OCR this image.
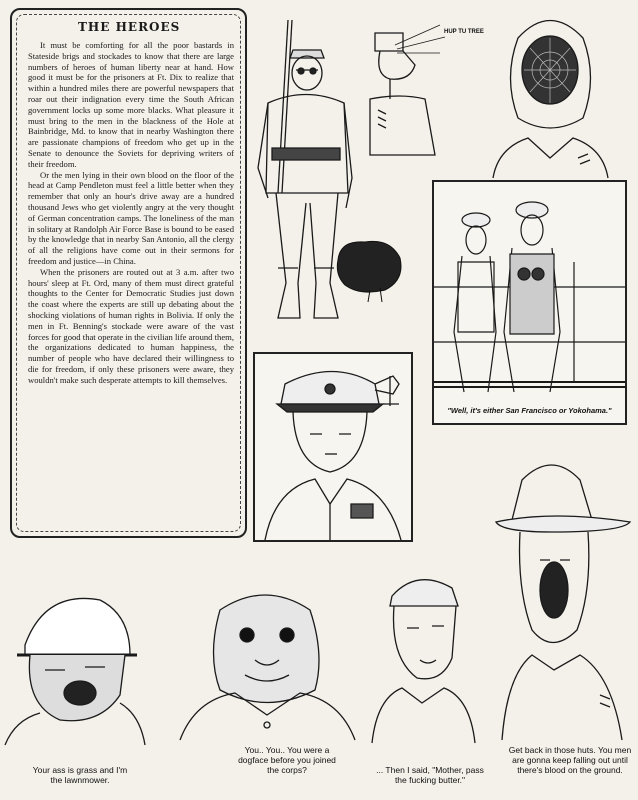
THE HEROES

It must be comforting for all the poor bastards in Stateside brigs and stockades to know that there are large numbers of heroes of human liberty near at hand. How good it must be for the prisoners at Ft. Dix to realize that within a hundred miles there are powerful newspapers that roar out their indignation every time the South African government locks up some more blacks. What pleasure it must bring to the men in the blackness of the Hole at Bainbridge, Md. to know that in nearby Washington there are passionate champions of freedom who get up in the Senate to denounce the Soviets for depriving writers of their freedom.

Or the men lying in their own blood on the floor of the head at Camp Pendleton must feel a little better when they remember that only an hour's drive away are a hundred thousand Jews who get violently angry at the very thought of German concentration camps. The loneliness of the man in solitary at Randolph Air Force Base is bound to be eased by the knowledge that in nearby San Antonio, all the clergy of all the religions have come out in their sermons for freedom and justice—in China.

When the prisoners are routed out at 3 a.m. after two hours' sleep at Ft. Ord, many of them must direct grateful thoughts to the Center for Democratic Studies just down the coast where the experts are still up debating about the shocking violations of human rights in Bolivia. If only the men in Ft. Benning's stockade were aware of the vast forces for good that operate in the civilian life around them, the organizations dedicated to human happiness, the number of people who have declared their willingness to die for freedom, if only these prisoners were aware, they wouldn't make such desperate attempts to kill themselves.

HUP TU TREE
"Well, it's either San Francisco or Yokohama."
Your ass is grass and I'm the lawnmower.
You.. You.. You were a dogface before you joined the corps?	... Then I said, "Mother, pass the fucking butter."
Get back in those huts. You men are gonna keep falling out until there's blood on the ground.
